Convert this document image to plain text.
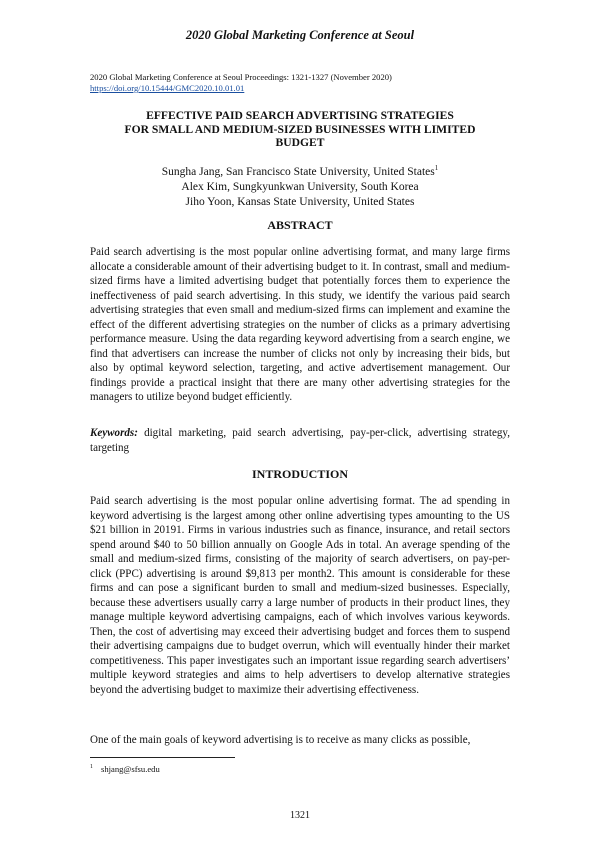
2020 Global Marketing Conference at Seoul
2020 Global Marketing Conference at Seoul Proceedings: 1321-1327 (November 2020)
https://doi.org/10.15444/GMC2020.10.01.01
EFFECTIVE PAID SEARCH ADVERTISING STRATEGIES
FOR SMALL AND MEDIUM-SIZED BUSINESSES WITH LIMITED
BUDGET
Sungha Jang, San Francisco State University, United States$^1$
Alex Kim, Sungkyunkwan University, South Korea
Jiho Yoon, Kansas State University, United States
ABSTRACT

Paid search advertising is the most popular online advertising format, and many large firms allocate a considerable amount of their advertising budget to it. In contrast, small and medium-sized firms have a limited advertising budget that potentially forces them to experience the ineffectiveness of paid search advertising. In this study, we identify the various paid search advertising strategies that even small and medium-sized firms can implement and examine the effect of the different advertising strategies on the number of clicks as a primary advertising performance measure. Using the data regarding keyword advertising from a search engine, we find that advertisers can increase the number of clicks not only by increasing their bids, but also by optimal keyword selection, targeting, and active advertisement management. Our findings provide a practical insight that there are many other advertising strategies for the managers to utilize beyond budget efficiently.

Keywords: digital marketing, paid search advertising, pay-per-click, advertising strategy, targeting

INTRODUCTION

Paid search advertising is the most popular online advertising format. The ad spending in keyword advertising is the largest among other online advertising types amounting to the US $21 billion in 20191. Firms in various industries such as finance, insurance, and retail sectors spend around $40 to 50 billion annually on Google Ads in total. An average spending of the small and medium-sized firms, consisting of the majority of search advertisers, on pay-per-click (PPC) advertising is around $9,813 per month2. This amount is considerable for these firms and can pose a significant burden to small and medium-sized businesses. Especially, because these advertisers usually carry a large number of products in their product lines, they manage multiple keyword advertising campaigns, each of which involves various keywords. Then, the cost of advertising may exceed their advertising budget and forces them to suspend their advertising campaigns due to budget overrun, which will eventually hinder their market competitiveness. This paper investigates such an important issue regarding search advertisers’ multiple keyword strategies and aims to help advertisers to develop alternative strategies beyond the advertising budget to maximize their advertising effectiveness.

One of the main goals of keyword advertising is to receive as many clicks as possible,

$^1$ shjang@sfsu.edu
1321
